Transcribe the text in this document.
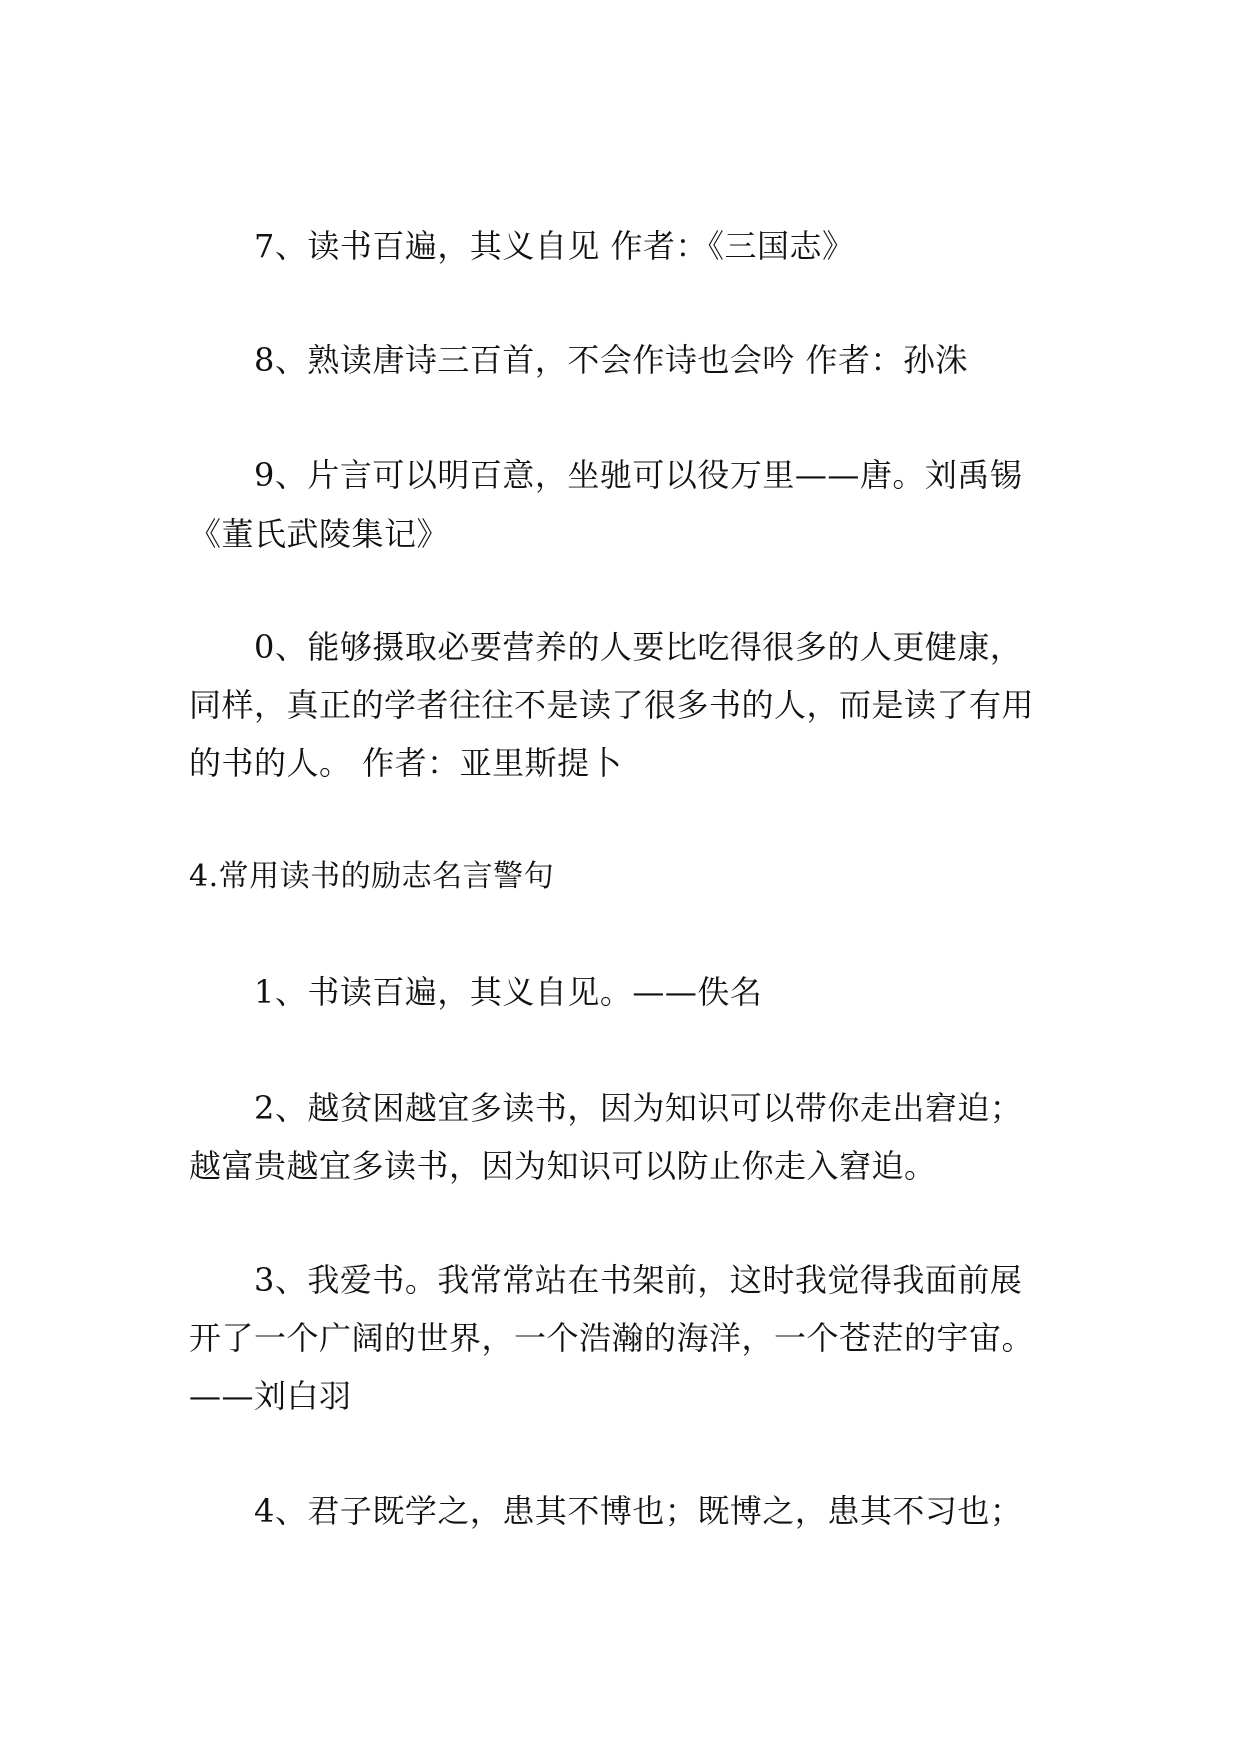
7、读书百遍，其义自见 作者：《三国志》
8、熟读唐诗三百首，不会作诗也会吟 作者：孙洙
9、片言可以明百意，坐驰可以役万里——唐。刘禹锡
《董氏武陵集记》
0、能够摄取必要营养的人要比吃得很多的人更健康，
同样，真正的学者往往不是读了很多书的人，而是读了有用
的书的人。 作者：亚里斯提卜
4.常用读书的励志名言警句
1、书读百遍，其义自见。——佚名
2、越贫困越宜多读书，因为知识可以带你走出窘迫；
越富贵越宜多读书，因为知识可以防止你走入窘迫。
3、我爱书。我常常站在书架前，这时我觉得我面前展
开了一个广阔的世界，一个浩瀚的海洋，一个苍茫的宇宙。
——刘白羽
4、君子既学之，患其不博也；既博之，患其不习也；
